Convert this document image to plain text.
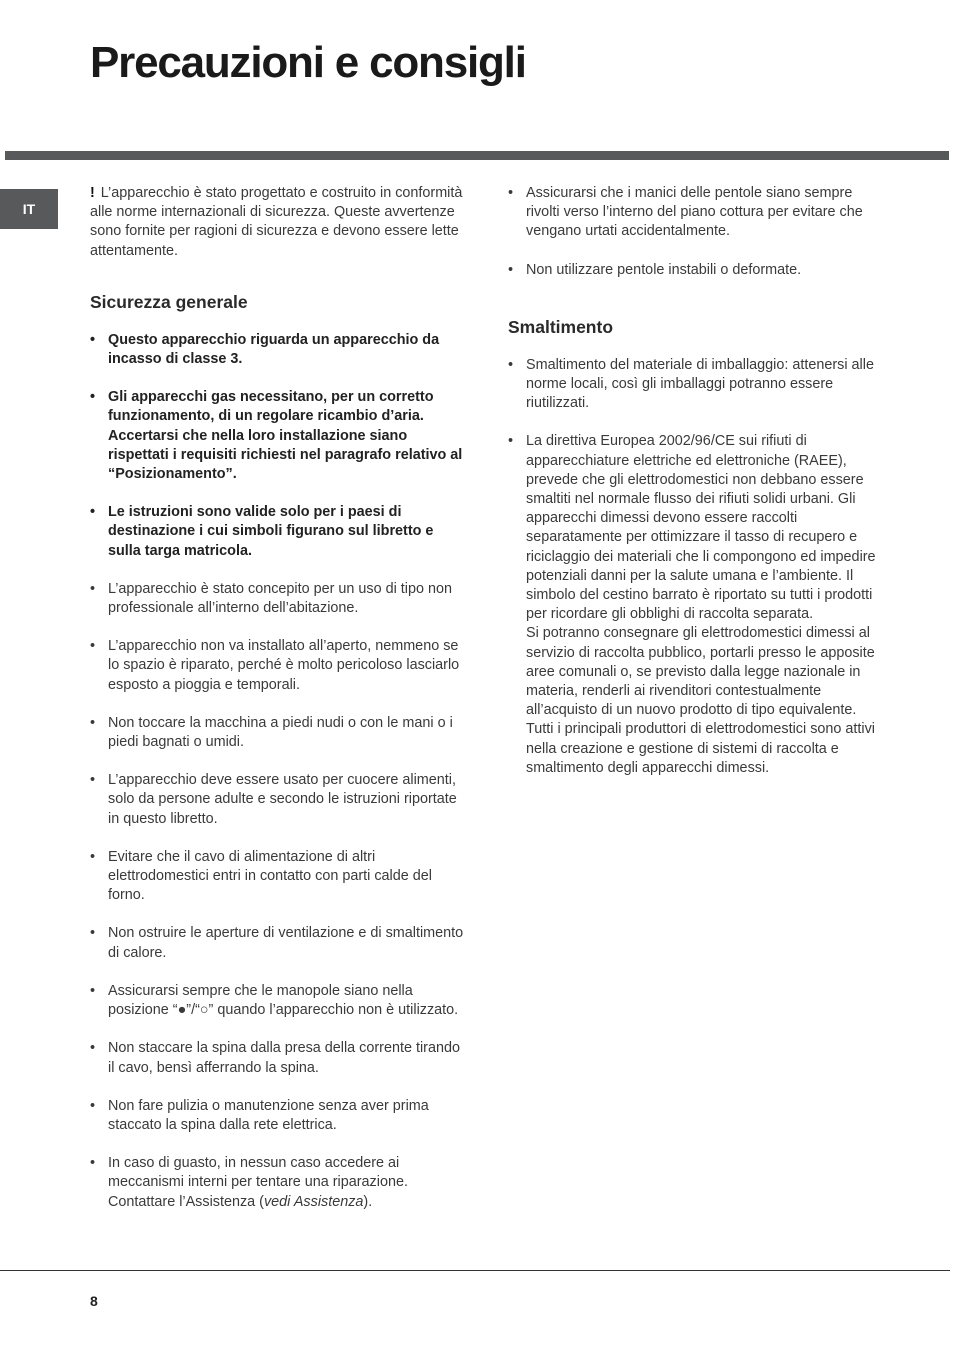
Precauzioni e consigli
IT

! L’apparecchio è stato progettato e costruito in conformità alle norme internazionali di sicurezza. Queste avvertenze sono fornite per ragioni di sicurezza e devono essere lette attentamente.

Sicurezza generale
• Questo apparecchio riguarda un apparecchio da incasso di classe 3.
• Gli apparecchi gas necessitano, per un corretto funzionamento, di un regolare ricambio d’aria. Accertarsi che nella loro installazione siano rispettati i requisiti richiesti nel paragrafo relativo al “Posizionamento”.
• Le istruzioni sono valide solo per i paesi di destinazione i cui simboli figurano sul libretto e sulla targa matricola.
• L’apparecchio è stato concepito per un uso di tipo non professionale all’interno dell’abitazione.
• L’apparecchio non va installato all’aperto, nemmeno se lo spazio è riparato, perché è molto pericoloso lasciarlo esposto a pioggia e temporali.
• Non toccare la macchina a piedi nudi o con le mani o i piedi bagnati o umidi.
• L’apparecchio deve essere usato per cuocere alimenti, solo da persone adulte e secondo le istruzioni riportate in questo libretto.
• Evitare che il cavo di alimentazione di altri elettrodomestici entri in contatto con parti calde del forno.
• Non ostruire le aperture di ventilazione e di smaltimento di calore.
• Assicurarsi sempre che le manopole siano nella posizione “●”/“○” quando l’apparecchio non è utilizzato.
• Non staccare la spina dalla presa della corrente tirando il cavo, bensì afferrando la spina.
• Non fare pulizia o manutenzione senza aver prima staccato la spina dalla rete elettrica.
• In caso di guasto, in nessun caso accedere ai meccanismi interni per tentare una riparazione. Contattare l’Assistenza (vedi Assistenza).
• Assicurarsi che i manici delle pentole siano sempre rivolti verso l’interno del piano cottura per evitare che vengano urtati accidentalmente.
• Non utilizzare pentole instabili o deformate.
Smaltimento
• Smaltimento del materiale di imballaggio: attenersi alle norme locali, così gli imballaggi potranno essere riutilizzati.
• La direttiva Europea 2002/96/CE sui rifiuti di apparecchiature elettriche ed elettroniche (RAEE), prevede che gli elettrodomestici non debbano essere smaltiti nel normale flusso dei rifiuti solidi urbani. Gli apparecchi dimessi devono essere raccolti separatamente per ottimizzare il tasso di recupero e riciclaggio dei materiali che li compongono ed impedire potenziali danni per la salute umana e l’ambiente. Il simbolo del cestino barrato è riportato su tutti i prodotti per ricordare gli obblighi di raccolta separata.
Si potranno consegnare gli elettrodomestici dimessi al servizio di raccolta pubblico, portarli presso le apposite aree comunali o, se previsto dalla legge nazionale in materia, renderli ai rivenditori contestualmente all’acquisto di un nuovo prodotto di tipo equivalente.
Tutti i principali produttori di elettrodomestici sono attivi nella creazione e gestione di sistemi di raccolta e smaltimento degli apparecchi dimessi.
8
